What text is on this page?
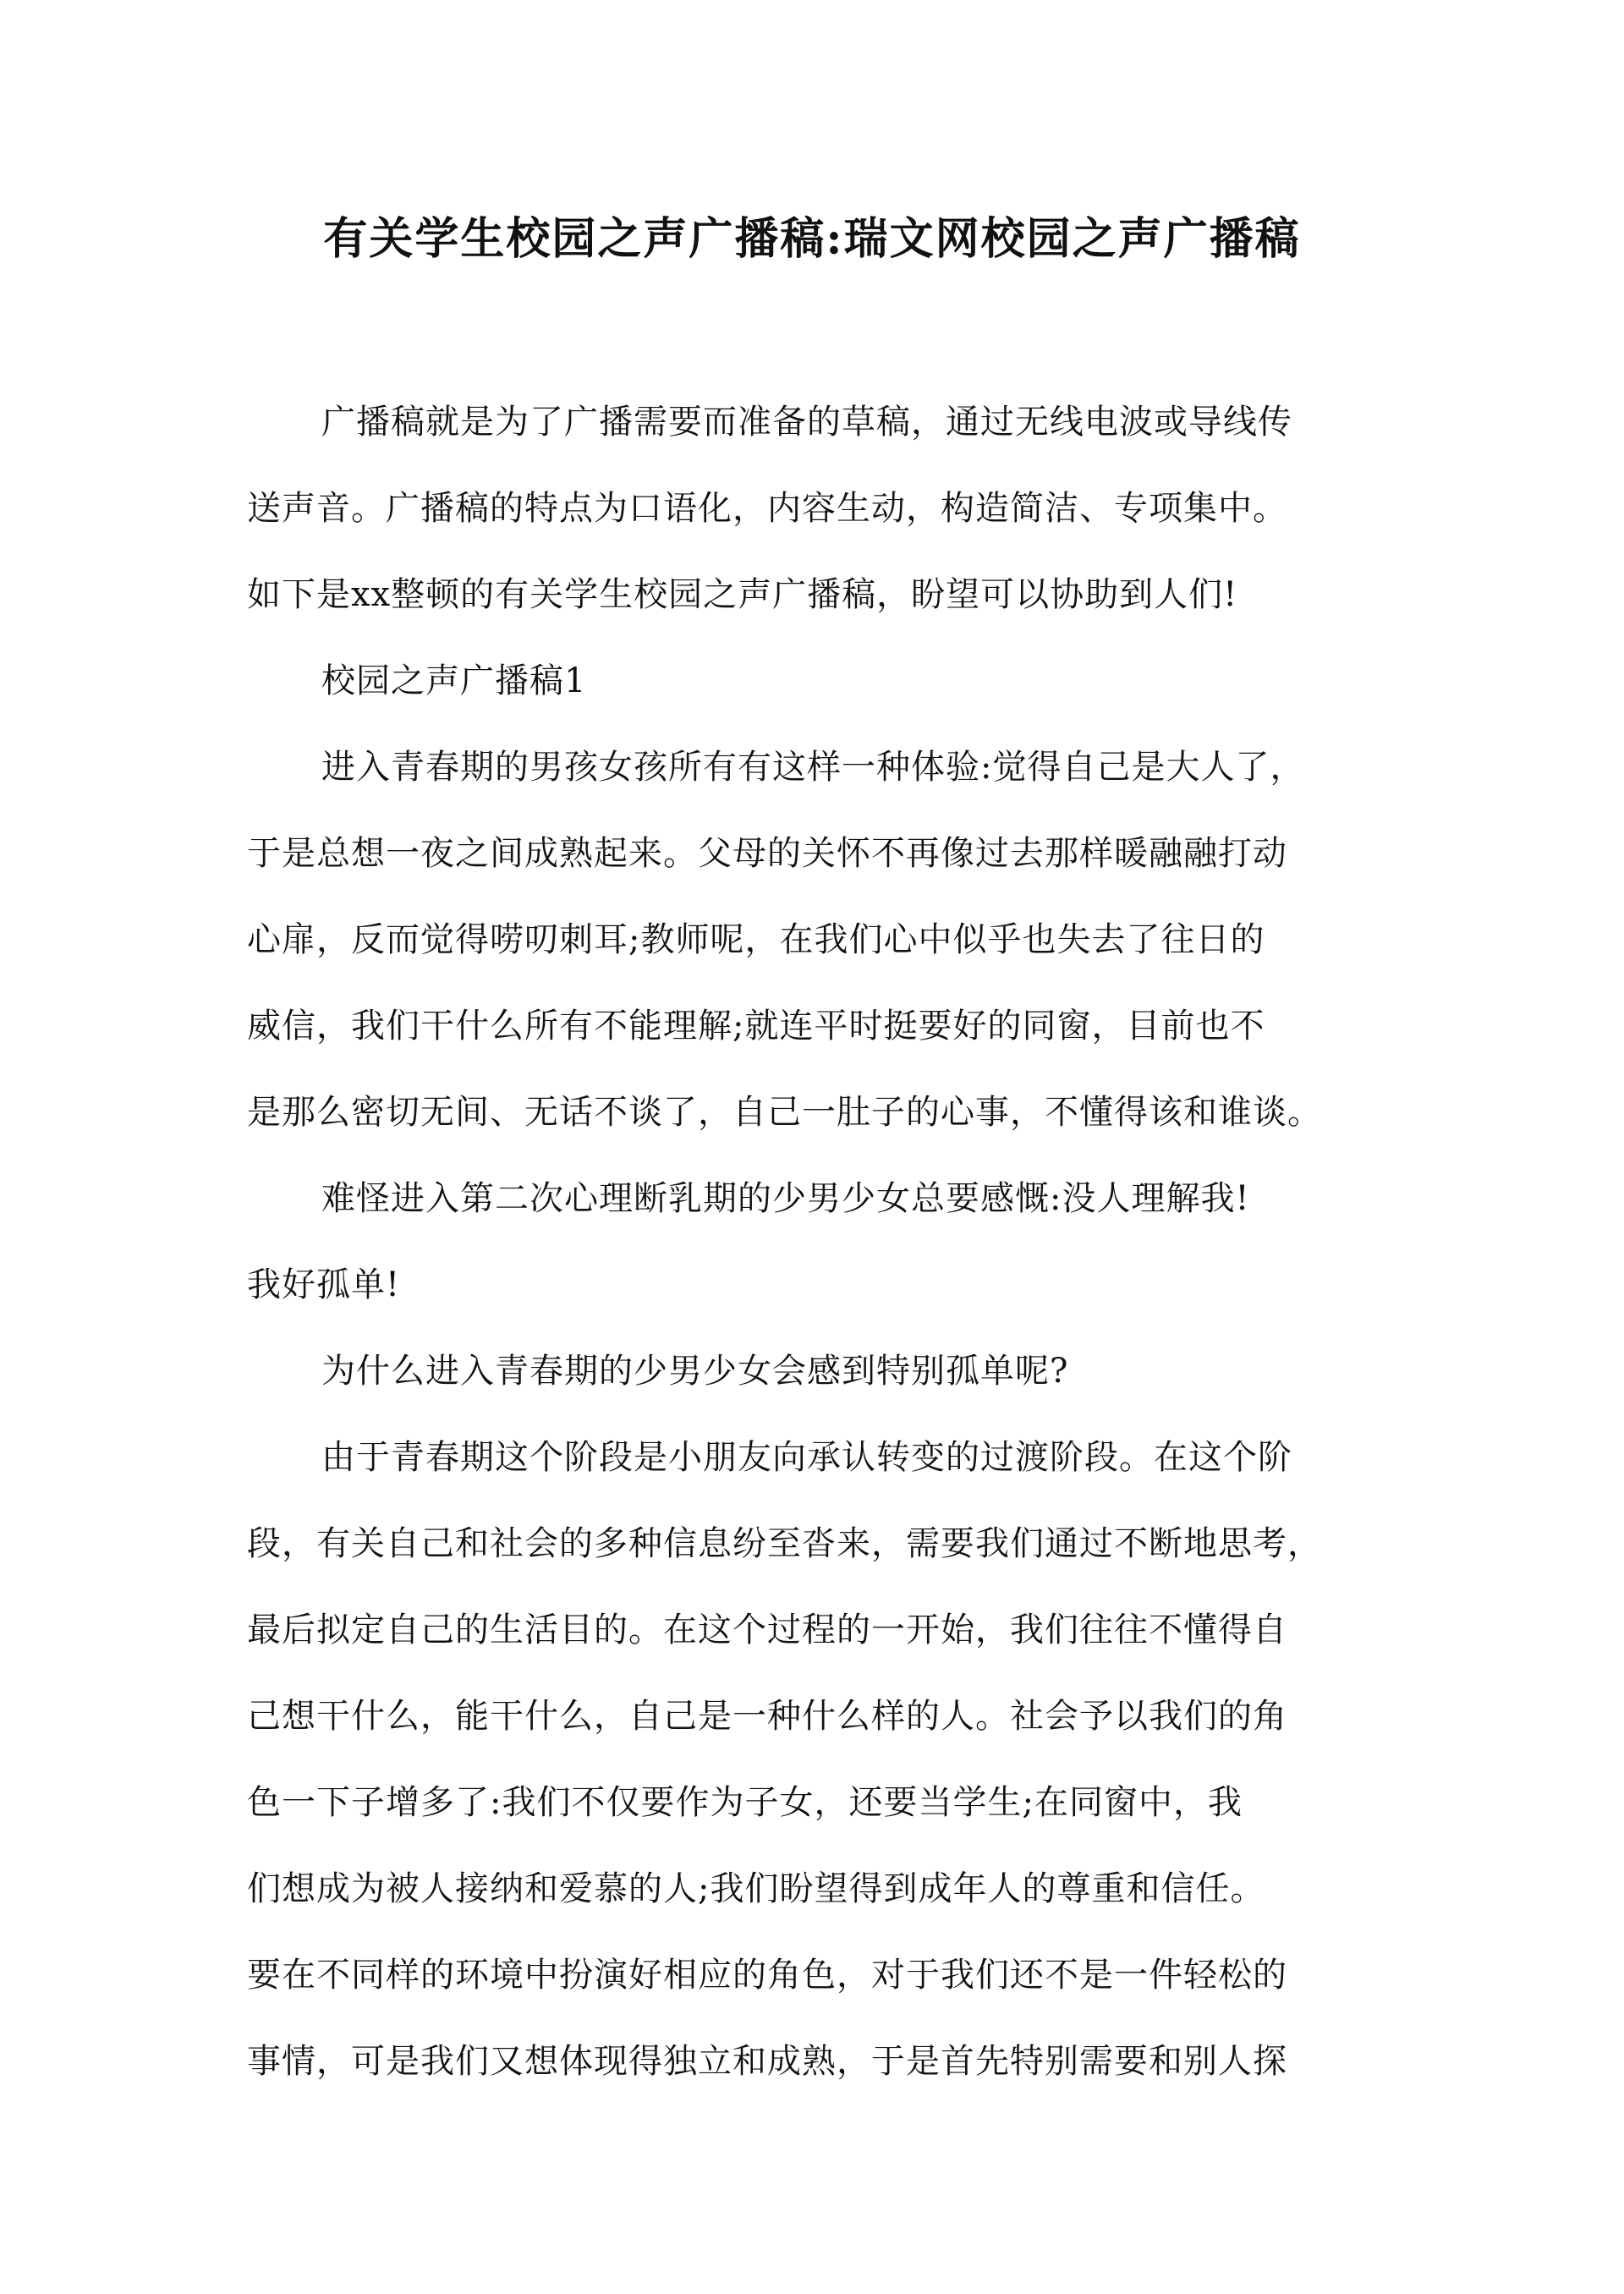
有关学生校园之声广播稿:瑞文网校园之声广播稿
广播稿就是为了广播需要而准备的草稿，通过无线电波或导线传
送声音。广播稿的特点为口语化，内容生动，构造简洁、专项集中。
如下是xx整顿的有关学生校园之声广播稿，盼望可以协助到人们!
校园之声广播稿1
进入青春期的男孩女孩所有有这样一种体验:觉得自己是大人了，
于是总想一夜之间成熟起来。父母的关怀不再像过去那样暖融融打动
心扉，反而觉得唠叨刺耳;教师呢，在我们心中似乎也失去了往日的
威信，我们干什么所有不能理解;就连平时挺要好的同窗，目前也不
是那么密切无间、无话不谈了，自己一肚子的心事，不懂得该和谁谈。
难怪进入第二次心理断乳期的少男少女总要感慨:没人理解我!
我好孤单!
为什么进入青春期的少男少女会感到特别孤单呢?
由于青春期这个阶段是小朋友向承认转变的过渡阶段。在这个阶
段，有关自己和社会的多种信息纷至沓来，需要我们通过不断地思考，
最后拟定自己的生活目的。在这个过程的一开始，我们往往不懂得自
己想干什么，能干什么，自己是一种什么样的人。社会予以我们的角
色一下子增多了:我们不仅要作为子女，还要当学生;在同窗中，我
们想成为被人接纳和爱慕的人;我们盼望得到成年人的尊重和信任。
要在不同样的环境中扮演好相应的角色，对于我们还不是一件轻松的
事情，可是我们又想体现得独立和成熟，于是首先特别需要和别人探
